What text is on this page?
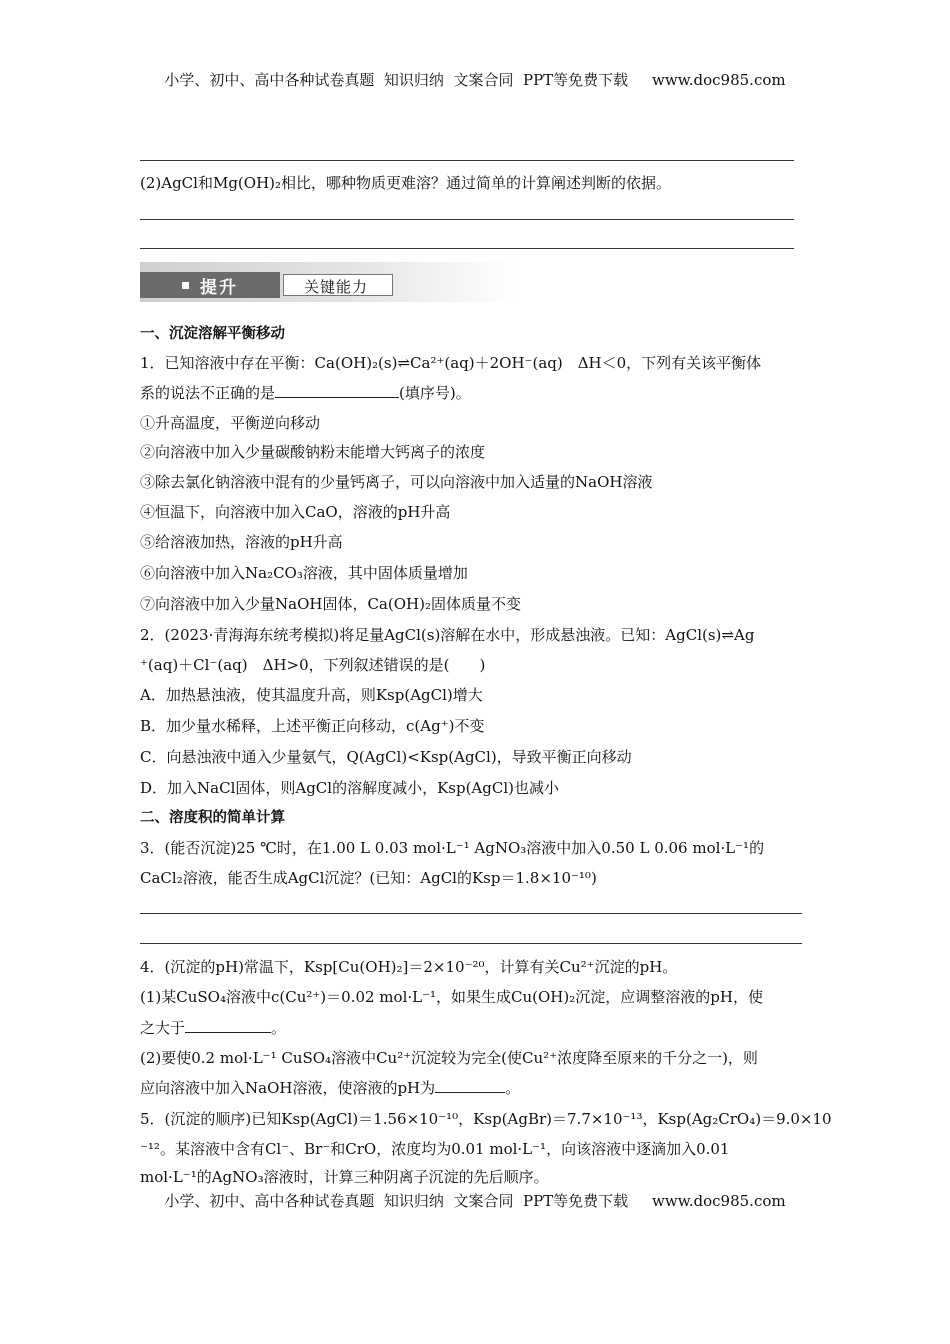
小学、初中、高中各种试卷真题  知识归纳  文案合同  PPT等免费下载     www.doc985.com
(2)AgCl和Mg(OH)₂相比，哪种物质更难溶？通过简单的计算阐述判断的依据。
提升	关键能力
一、沉淀溶解平衡移动
1．已知溶液中存在平衡：Ca(OH)₂(s)⇌Ca²⁺(aq)＋2OH⁻(aq)　ΔH＜0，下列有关该平衡体
系的说法不正确的是	(填序号)。
①升高温度，平衡逆向移动
②向溶液中加入少量碳酸钠粉末能增大钙离子的浓度
③除去氯化钠溶液中混有的少量钙离子，可以向溶液中加入适量的NaOH溶液
④恒温下，向溶液中加入CaO，溶液的pH升高
⑤给溶液加热，溶液的pH升高
⑥向溶液中加入Na₂CO₃溶液，其中固体质量增加
⑦向溶液中加入少量NaOH固体，Ca(OH)₂固体质量不变
2．(2023·青海海东统考模拟)将足量AgCl(s)溶解在水中，形成悬浊液。已知：AgCl(s)⇌Ag
⁺(aq)＋Cl⁻(aq)　ΔH>0，下列叙述错误的是(　　)
A．加热悬浊液，使其温度升高，则Ksp(AgCl)增大
B．加少量水稀释，上述平衡正向移动，c(Ag⁺)不变
C．向悬浊液中通入少量氨气，Q(AgCl)<Ksp(AgCl)，导致平衡正向移动
D．加入NaCl固体，则AgCl的溶解度减小，Ksp(AgCl)也减小
二、溶度积的简单计算
3．(能否沉淀)25 ℃时，在1.00 L 0.03 mol·L⁻¹ AgNO₃溶液中加入0.50 L 0.06 mol·L⁻¹的
CaCl₂溶液，能否生成AgCl沉淀？(已知：AgCl的Ksp＝1.8×10⁻¹⁰)
4．(沉淀的pH)常温下，Ksp[Cu(OH)₂]＝2×10⁻²⁰，计算有关Cu²⁺沉淀的pH。
(1)某CuSO₄溶液中c(Cu²⁺)＝0.02 mol·L⁻¹，如果生成Cu(OH)₂沉淀，应调整溶液的pH，使
之大于	。
(2)要使0.2 mol·L⁻¹ CuSO₄溶液中Cu²⁺沉淀较为完全(使Cu²⁺浓度降至原来的千分之一)，则
应向溶液中加入NaOH溶液，使溶液的pH为	。
5．(沉淀的顺序)已知Ksp(AgCl)＝1.56×10⁻¹⁰，Ksp(AgBr)＝7.7×10⁻¹³，Ksp(Ag₂CrO₄)＝9.0×10
⁻¹²。某溶液中含有Cl⁻、Br⁻和CrO，浓度均为0.01 mol·L⁻¹，向该溶液中逐滴加入0.01
mol·L⁻¹的AgNO₃溶液时，计算三种阴离子沉淀的先后顺序。
小学、初中、高中各种试卷真题  知识归纳  文案合同  PPT等免费下载     www.doc985.com
